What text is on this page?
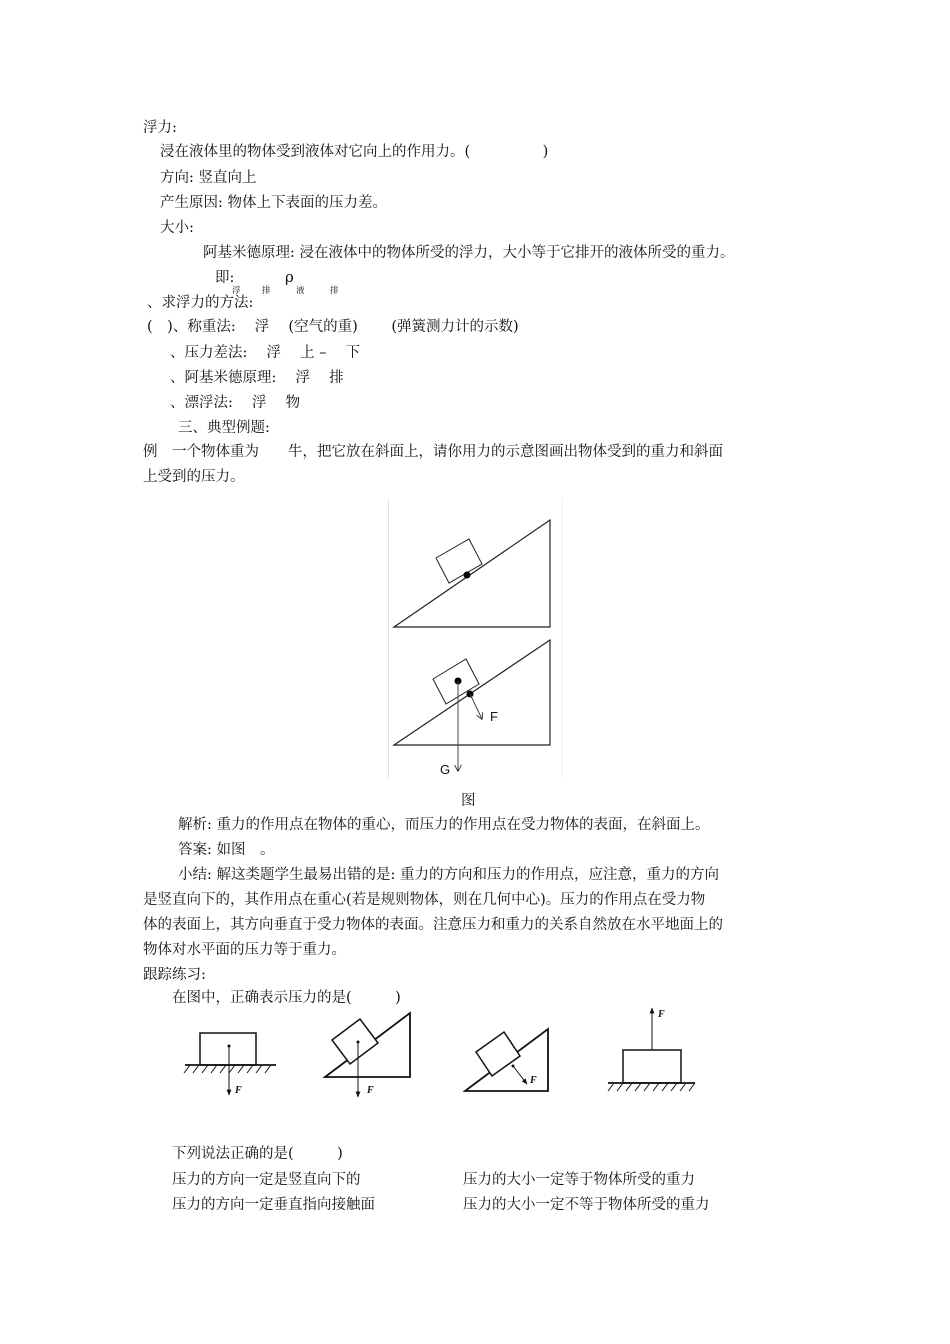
浮力:
浸在液体里的物体受到液体对它向上的作用力。(　　　　　)
方向: 竖直向上
产生原因: 物体上下表面的压力差。
大小:
阿基米德原理: 浸在液体中的物体所受的浮力，大小等于它排开的液体所受的重力。
即:	ρ
浮	排	液	排
、求浮力的方法:
(　)、称重法:　 浮　 (空气的重)　　 (弹簧测力计的示数)
、压力差法:　 浮　 上 –　 下
、阿基米德原理:　 浮　 排
、漂浮法:　 浮　 物
三、典型例题:
例　一个物体重为　　牛，把它放在斜面上，请你用力的示意图画出物体受到的重力和斜面
上受到的压力。
F
G
图
解析: 重力的作用点在物体的重心，而压力的作用点在受力物体的表面，在斜面上。
答案: 如图　。
小结: 解这类题学生最易出错的是: 重力的方向和压力的作用点，应注意，重力的方向
是竖直向下的，其作用点在重心(若是规则物体，则在几何中心)。压力的作用点在受力物
体的表面上，其方向垂直于受力物体的表面。注意压力和重力的关系自然放在水平地面上的
物体对水平面的压力等于重力。
跟踪练习:
在图中，正确表示压力的是(　　　)
F	F
F
F
下列说法正确的是(　　　)
压力的方向一定是竖直向下的	压力的大小一定等于物体所受的重力
压力的方向一定垂直指向接触面	压力的大小一定不等于物体所受的重力
